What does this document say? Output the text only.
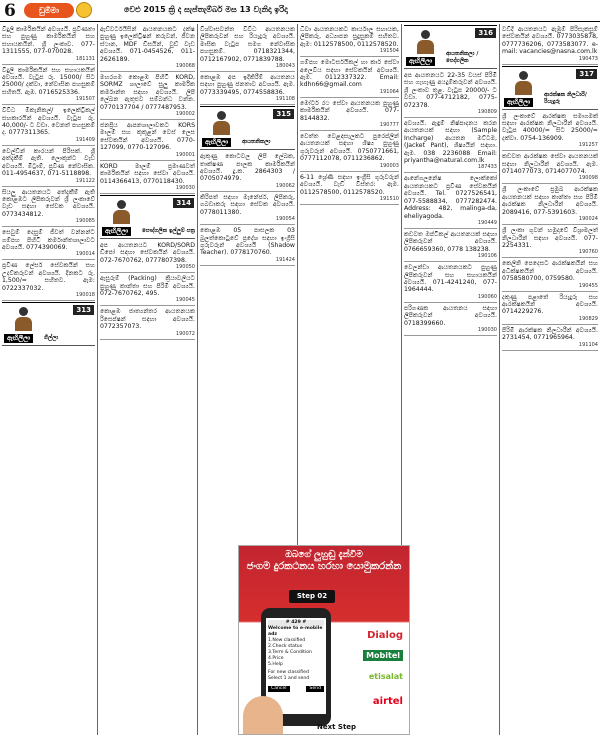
6	ඩුම්මා	වෙළු 2015 ක්‍රි ද සැප්තැම්බර් මස 13 වැනිදා ඉරිදා
විදුලි කාර්මිකයින් අවශ්‍යයි. ප්‍රවීණතා සහ පුහුණු කාර්මිකයින් සහ සහායකයින්. ශ්‍රී ලංකාව. 077-1311555, 077-070028.
181131
විදුලි කාර්මිකයින් සහ සහායකයින් අවශ්‍යයි. වැටුප රු. 15000/ සිට 25000/ දක්වා, නේවාසික පහසුකම් සහිතයි. ඇඹ. 0716525336.
191507
විවිධ මිකැනිකල්/ ඉලෙක්ට්‍රිකල් සහකාරයින් අවශ්‍යයි. වැටුප රු. 40,000/- ට වඩා. වෙනත් පහසුකම් ද. 0777311365.
191409
වෙල්ඩින් කාරයන් පිරිසක්. ශ්‍රී අත්දැකීම් ඇති. ලොකුන්ට වැඩ අවශ්‍යයි. මිට්‍රාම්, ප්‍රවීණ නේවාසික. 011-4954637, 071-5118898.
191122
සියලු ආයතනයට අත්දැකීම් ඇති කොළඹට ලිපිකරුවන් ශ්‍රී ලංකාවේ වැඩ සඳහා සේවක අවශ්‍යයි. 0773434812.
190085
සෙවුම් දෙසුම් ජීවත් වන්නන්ට ගම්පහ පිහිටි කර්මාන්තශාලාවට අවශ්‍යයි. 0774390069.
190014
ප්‍රවීණ ලේසර් සේවකයින් සහ උදව්කරුවන් අවශ්‍යයි. දිනකට රු. 1,500/= සහිතව. ඇම: 0722337032.
190018
313
ඇඟිලිලා	ගිල්ලා
ඇඩ්වර්ටයිසින් ආයතනයකට දක්ෂ පුහුණු ඉලෙක්ට්‍රීෂන් කරුවන්, ජීවන ස්ථාන, MDF ඩිසයින්, වුඩ් වැඩ අවශ්‍යයි. 071-0454526, 011-2626189.
190068
මහරගම කොළඹ පිහිටි KORD, SORMZ ශාලාවේ සුලු කාර්මික කර්මාන්ත සඳහා අවශ්‍යයි. ලිපි ලේඛන ඇතුළුව සම්බන්ධ වන්න. 0770137704 / 0777487953.
190002
ජනප්‍රිය ආපනශාලාවකට KORS මාලම් සහ කුකුළන් වෙස් ලෙස සේවකයින් අවශ්‍යයි. 0770-127099, 0770-127096.
190001
KORD මාලම් ප්‍රමාණවත් කාර්මිකයින් සඳහා සේවා අවශ්‍යයි. 0114366413, 0770118430.
190030
314
ඇඟිලිලා	පෞද්ගලික ඉල්ලුම් පත්‍ර
අප ආයතනයට KORD/SORD ඩිපෝ සඳහා සේවකයින් අවශ්‍යයි. 072-7670762, 0777807398.
190050
ඇසුරුම් (Packing) ක්‍රියාවලියට පුහුණු කාන්තා සහ පිරිමි අවශ්‍යයි. 072-7670762, 495.
190045
කොළඹ ජාත්‍යන්තර ආයතනයක රිසෙප්ෂන් සඳහා අවශ්‍යයි. 0772357073.
190072
විශ්වාසවන්ත විවිධ ආයතනයක ලිපිකරුවන් සහ රියැදුරු අවශ්‍යයි. මාසික වැටුප සමග නේවාසික පහසුකම්. 0718321344, 0712167902, 0771839788.
180043
කොළඹ අප ඉදිකිරීම් ආයතනය සඳහා පුහුණු ජනතාව අවශ්‍යයි. ඇම. 0773339495, 0774558836.
191108
315
ඇඟිලිලා	ආයතනිකලා
ඇකුණු කොටවල ලිපි ලේඛක, තාක්ෂණ පාලක කාර්මිකයින් අවශ්‍යයි. දු.ක. 2864303 / 0705074979.
190062
කිරිපත් සඳහා මැනේජර්, ලිපිකරු, ගබඩාකරු සඳහා සේවක අවශ්‍යයි. 0778011380.
190054
කොළඹ 05 පාසලක 03 බුලත්කොටුවේ ප්‍රදේශ සඳහා ඉංග්‍රීසි ගුරුවරුන් අවශ්‍යයි (Shadow Teacher). 0778170760.
191424
ධිවා ආයතනයකට කාර්යාල සහායක, ලිපිකරු, අධ්‍යාපන සුදුසුකම් සහිතව. ඇම: 0112578500, 0112578520.
191504
ගම්පහ මොටර්සයිකල් හා කාර් සේවා අලෙවිය සඳහා සේවකයින් අවශ්‍යයි. ඇම. 0112337322. Email: kdhn66@gmail.com
191064
මෝටර් රථ සේවා ආයතනයක පුහුණු කාර්මිකයින් අවශ්‍යයි. 077-8144832.
190777
වෙත්ත වෙළඳසැලකට පුරෙප්ලින් ආයතනයක් සඳහා ශිෂ්‍ය පුහුණු ගුරුවරුන් අවශ්‍යයි. 0750771661, 0777112078, 0711236862.
190003
6-11 ශ්‍රේණි සඳහා ඉංග්‍රීසි ගුරුවරුන් අවශ්‍යයි. වැඩි විස්තර: ඇම. 0112578500, 0112578520.
191510
316
ඇඟිලිලා
ආයතනිකලා / පෙද්ගලික
අප ආයතනයට 22-35 වයස් පිරිමි සහ ගැහැණු අයදුම්කරුවන් අවශ්‍යයි. ශ්‍රී ලංකාව තුළ. වැටුප 20000/- ට වඩා. 077-4712182, 0775-072378.
190809
අවශ්‍යයි. ඇඳුම් නිෂ්පාදනය කරන ආයතනයක් සඳහා (Sample Incharge) ආයතන මට්ටම, (Jacket Pant), ශිෂ්‍යයින් සඳහා. ඇම. 038 2236088 Email: priyantha@natural.com.lk
187433
ආනේගලනේෂ ලොක්කෝ ආයතනයකට ප්‍රවීණ සේවකයින් අවශ්‍යයි. Tel. 0727526541, 077-5588834, 0777282474. Address: 482, malinga-da, eheliyagoda.
190449
කඩවත ඔප්ටිකල් ආයතනයක් සඳහා ලිපිකරුවන් අවශ්‍යයි. 0766659360, 0778 138238.
190106
වෙලන්ඩා ආයතනයකට පුහුණු ලිපිකරුවන් සහ සහායකයින් අවශ්‍යයි. 071-4241240, 077-1964444.
190060
පරිගණක ආයතනය සඳහා ලිපිකරුවන් අවශ්‍යයි. 0718399660.
190030
වඩිදි ආයතනයට ඇඹුම් පිරිසැකසුම් සේවකයින් අවශ්‍යයි. 0773035878, 0777736206, 0773583077. e-mail: vacancies@nasna.com.lk
190473
317
ඇඟිලිලා
ආරක්ෂක නිලධාරි/රියැදුරු
ශ්‍රී ලංකාවේ ආරක්ෂක සමාගමක් සඳහා ආරක්ෂක නිලධාරීන් අවශ්‍යයි. වැටුප 40000/= සිට 25000/= දක්වා. 0754-136909.
191257
කඩවත ආරක්ෂක සේවා ආයතනයක් සඳහා නිලධාරීන් අවශ්‍යයි. ඇම. 0714077073, 0714077074.
190098
ශ්‍රී ලංකාවේ ප්‍රමුඛ ආරක්ෂක ආයතනයක් සඳහා කාන්තා සහ පිරිමි ආරක්ෂක නිලධාරීන් අවශ්‍යයි. 2089416, 077-5391603.
190024
ශ්‍රී ලංකා ගුවන් හමුදාවේ විශ්‍රාමලත් නිලධාරීන් සඳහා අවශ්‍යයි. 077-2254331.
190760
කෙලිනි පෙදෙසට ආරක්ෂකයින් සහ අධීක්ෂකයින් අවශ්‍යයි. 0758580700, 0759580.
190455
දකුණු පළාතේ රියැදුරු සහ ආරක්ෂකයින් අවශ්‍යයි. 0714229276.
190829
පිරිමි ආරක්ෂක නිලධාරීන් අවශ්‍යයි. 2731454, 0771965964.
191104
ඔබගේ ලුහුඬු දැන්වීම
ජංගම දුරකථනය හරහා යොමුකරන්න
Step 02
# 429 #
Welcome to e-mobile adz
1.New classified
2.Check status
3.Term & Condition
4.Price
5.Help
For new classified Select 1 and send
Cancel	Send
Dialog
Mobitel
etisalat
airtel
Next Step
